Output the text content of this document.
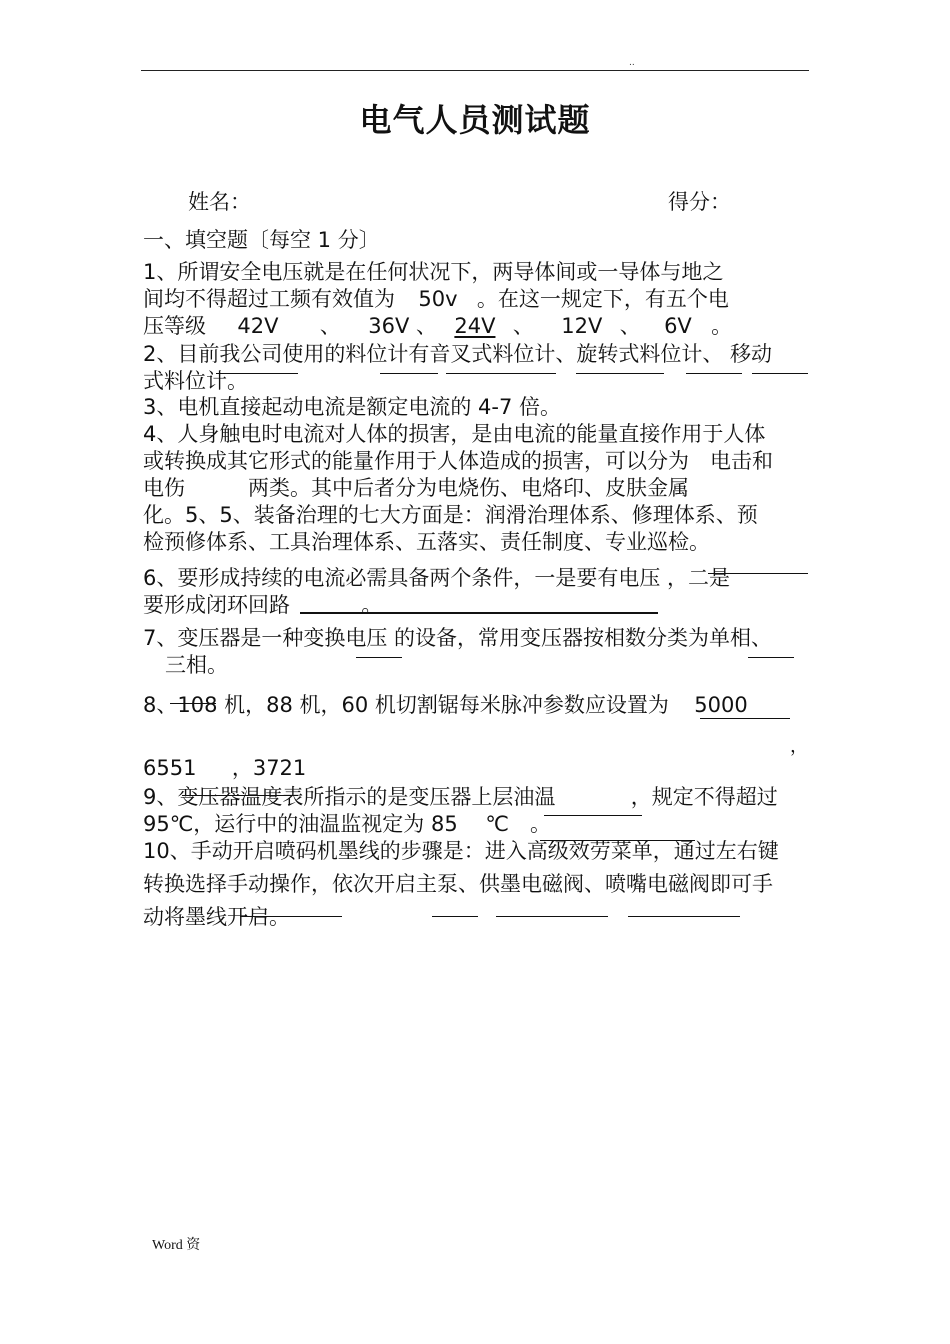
..
电气人员测试题
姓名：	得分：
一、填空题〔每空 1 分〕
1、所谓安全电压就是在任何状况下，两导体间或一导体与地之
间均不得超过工频有效值为 50v 。在这一规定下，有五个电
压等级 42V 、 36V 、 24V 、 12V 、 6V 。
2、目前我公司使用的料位计有音叉式料位计、旋转式料位计、 移动
式料位计。
3、电机直接起动电流是额定电流的 4-7 倍。
4、人身触电时电流对人体的损害，是由电流的能量直接作用于人体
或转换成其它形式的能量作用于人体造成的损害，可以分为　电击和
电伤　　　两类。其中后者分为电烧伤、电烙印、皮肤金属
化。5、5、装备治理的七大方面是：润滑治理体系、修理体系、预
检预修体系、工具治理体系、五落实、责任制度、专业巡检。
6、要形成持续的电流必需具备两个条件，一是要有电压 ，二是
要形成闭环回路	。
7、变压器是一种变换电压 的设备，常用变压器按相数分类为单相、
三相。
8、108 机，88 机，60 机切割锯每米脉冲参数应设置为 5000
，
6551 ，3721
9、变压器温度表所指示的是变压器上层油温	，规定不得超过
95℃，运行中的油温监视定为 85　 ℃　。
10、手动开启喷码机墨线的步骤是：进入高级效劳菜单，通过左右键
转换选择手动操作，依次开启主泵、供墨电磁阀、喷嘴电磁阀即可手
动将墨线开启。
Word 资
